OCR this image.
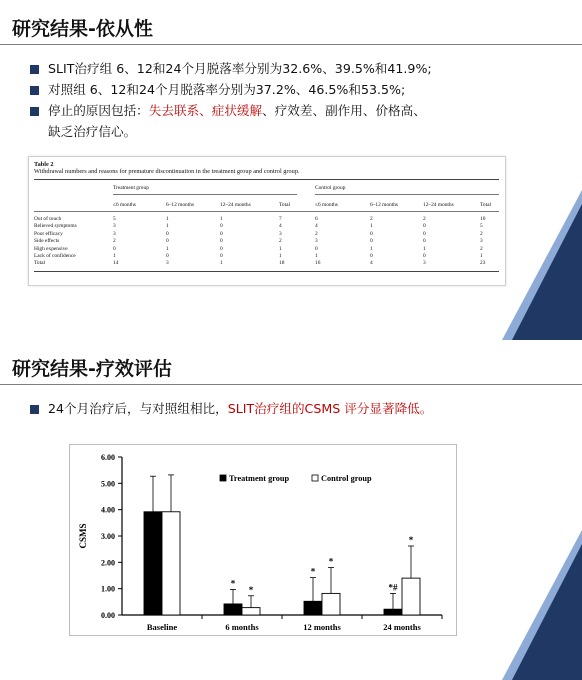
研究结果-依从性
SLIT治疗组 6、12和24个月脱落率分别为32.6%、39.5%和41.9%;
对照组 6、12和24个月脱落率分别为37.2%、46.5%和53.5%;
停止的原因包括：失去联系、症状缓解、疗效差、副作用、价格高、
缺乏治疗信心。
Table 2
Withdrawal numbers and reasons for premature discontinuation in the treatment group and control group.
Treatment group	Control group
≤6 months	6–12 months	12–24 months	Total	≤6 months	6–12 months	12–24 months	Total
Out of touch	5	1	1	7	6	2	2	10
Relieved symptoms	3	1	0	4	4	1	0	5
Poor efficacy	3	0	0	3	2	0	0	2
Side effects	2	0	0	2	3	0	0	3
High expensive	0	1	0	1	0	1	1	2
Lack of confidence	1	0	0	1	1	0	0	1
Total	14	3	1	18	16	4	3	23
研究结果-疗效评估
24个月治疗后，与对照组相比，SLIT治疗组的CSMS 评分显著降低。
0.00
1.00
2.00
3.00
4.00
5.00
6.00
CSMS
Baseline	6 months
*
*
12 months
*
*
24 months
*#
*
Treatment group	Control group
